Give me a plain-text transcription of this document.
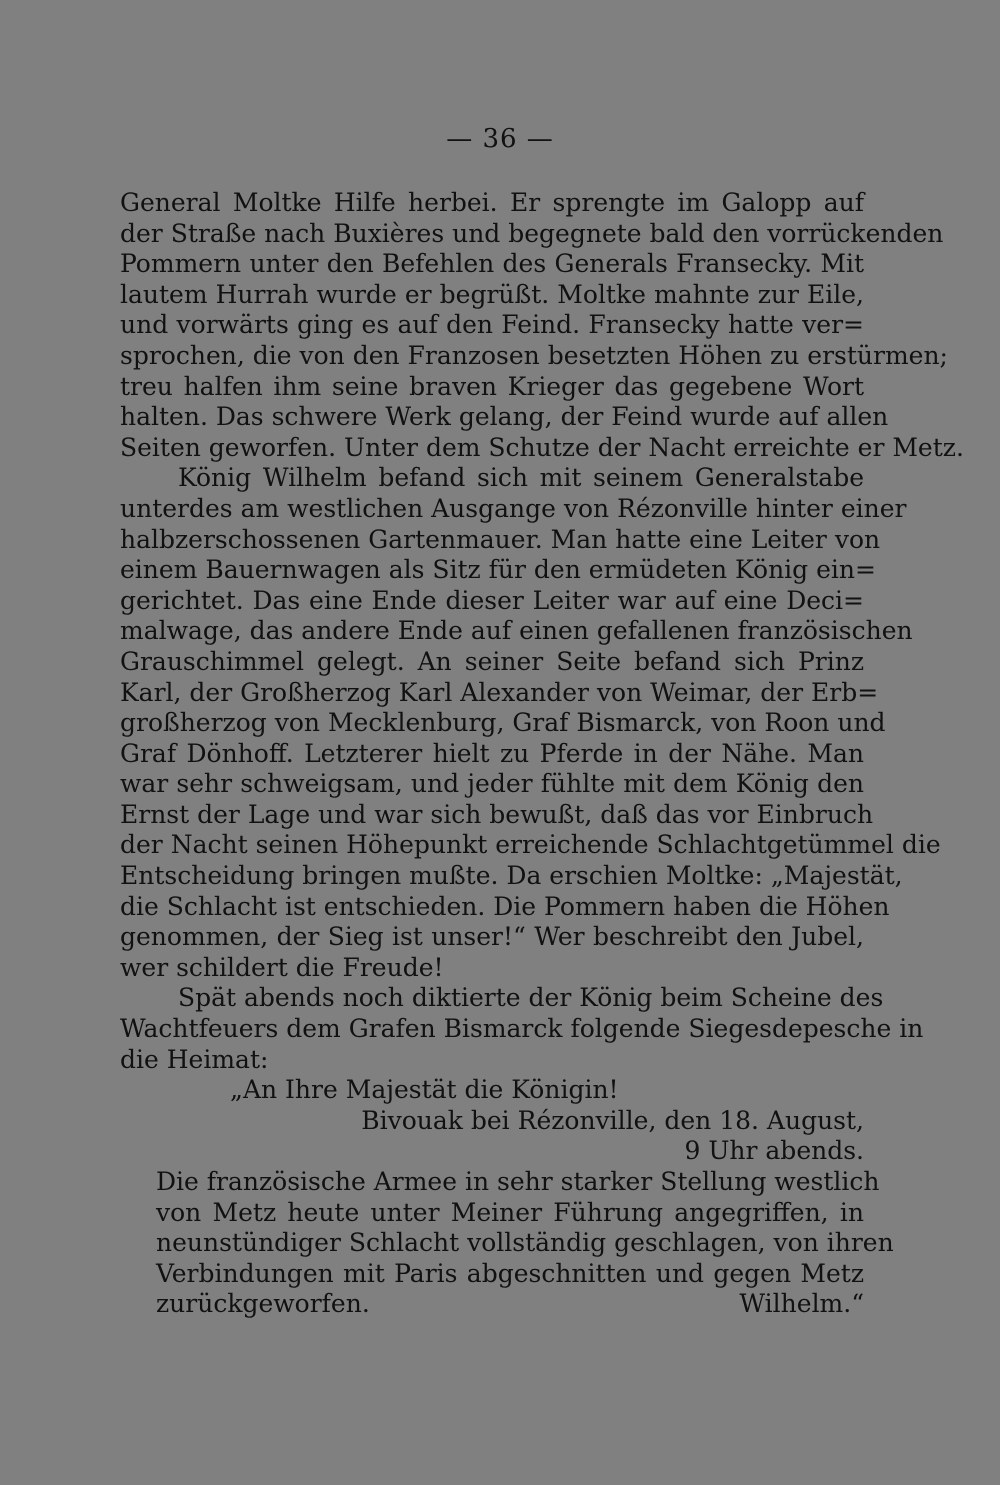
— 36 —
General Moltke Hilfe herbei. Er sprengte im Galopp auf
der Straße nach Buxières und begegnete bald den vorrückenden
Pommern unter den Befehlen des Generals Fransecky. Mit
lautem Hurrah wurde er begrüßt. Moltke mahnte zur Eile,
und vorwärts ging es auf den Feind. Fransecky hatte ver=
sprochen, die von den Franzosen besetzten Höhen zu erstürmen;
treu halfen ihm seine braven Krieger das gegebene Wort
halten. Das schwere Werk gelang, der Feind wurde auf allen
Seiten geworfen. Unter dem Schutze der Nacht erreichte er Metz.
König Wilhelm befand sich mit seinem Generalstabe
unterdes am westlichen Ausgange von Rézonville hinter einer
halbzerschossenen Gartenmauer. Man hatte eine Leiter von
einem Bauernwagen als Sitz für den ermüdeten König ein=
gerichtet. Das eine Ende dieser Leiter war auf eine Deci=
malwage, das andere Ende auf einen gefallenen französischen
Grauschimmel gelegt. An seiner Seite befand sich Prinz
Karl, der Großherzog Karl Alexander von Weimar, der Erb=
großherzog von Mecklenburg, Graf Bismarck, von Roon und
Graf Dönhoff. Letzterer hielt zu Pferde in der Nähe. Man
war sehr schweigsam, und jeder fühlte mit dem König den
Ernst der Lage und war sich bewußt, daß das vor Einbruch
der Nacht seinen Höhepunkt erreichende Schlachtgetümmel die
Entscheidung bringen mußte. Da erschien Moltke: „Majestät,
die Schlacht ist entschieden. Die Pommern haben die Höhen
genommen, der Sieg ist unser!“ Wer beschreibt den Jubel,
wer schildert die Freude!
Spät abends noch diktierte der König beim Scheine des
Wachtfeuers dem Grafen Bismarck folgende Siegesdepesche in
die Heimat:
„An Ihre Majestät die Königin!
Bivouak bei Rézonville, den 18. August,
9 Uhr abends.
Die französische Armee in sehr starker Stellung westlich
von Metz heute unter Meiner Führung angegriffen, in
neunstündiger Schlacht vollständig geschlagen, von ihren
Verbindungen mit Paris abgeschnitten und gegen Metz
zurückgeworfen.	Wilhelm.“
